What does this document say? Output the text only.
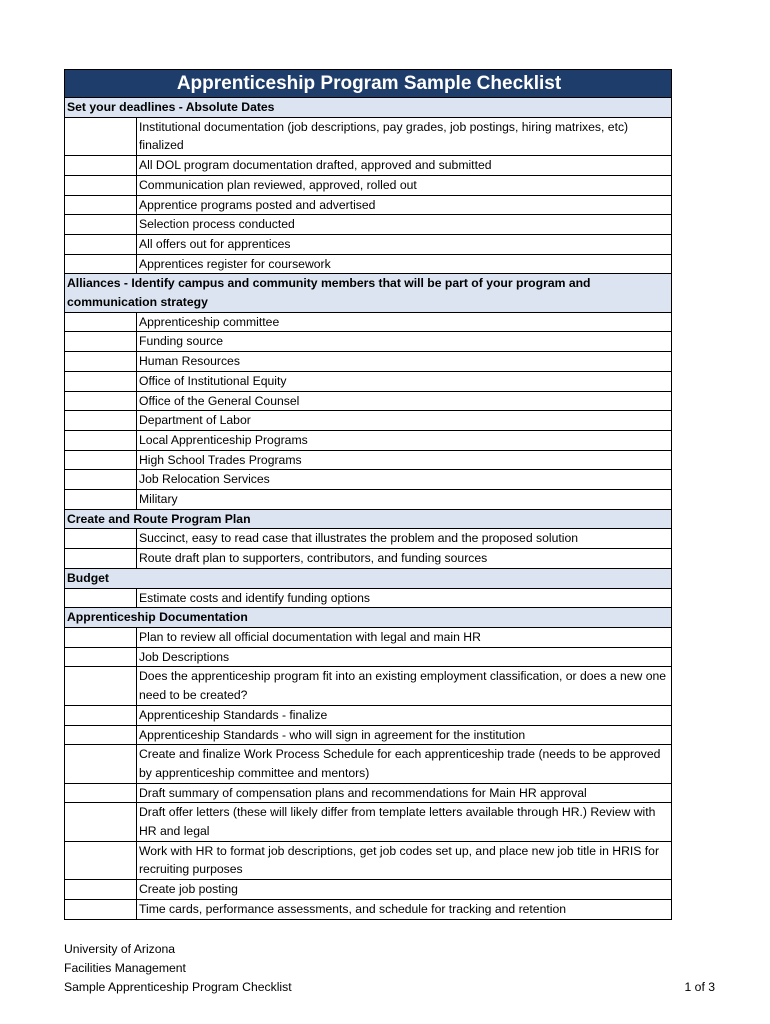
Apprenticeship Program Sample Checklist	
Set your deadlines - Absolute Dates	
	Institutional documentation (job descriptions, pay grades, job postings, hiring matrixes, etc) finalized
	All DOL program documentation drafted, approved and submitted
	Communication plan reviewed, approved, rolled out
	Apprentice programs posted and advertised
	Selection process conducted
	All offers out for apprentices
	Apprentices register for coursework
Alliances - Identify campus and community members that will be part of your program and communication strategy	
	Apprenticeship committee
	Funding source
	Human Resources
	Office of Institutional Equity
	Office of the General Counsel
	Department of Labor
	Local Apprenticeship Programs
	High School Trades Programs
	Job Relocation Services
	Military
Create and Route Program Plan	
	Succinct, easy to read case that illustrates the problem and the proposed solution
	Route draft plan to supporters, contributors, and funding sources
Budget	
	Estimate costs and identify funding options
Apprenticeship Documentation	
	Plan to review all official documentation with legal and main HR
	Job Descriptions
	Does the apprenticeship program fit into an existing employment classification, or does a new one need to be created?
	Apprenticeship Standards - finalize
	Apprenticeship Standards - who will sign in agreement for the institution
	Create and finalize Work Process Schedule for each apprenticeship trade (needs to be approved by apprenticeship committee and mentors)
	Draft summary of compensation plans and recommendations for Main HR approval
	Draft offer letters (these will likely differ from template letters available through HR.) Review with HR and legal
	Work with HR to format job descriptions, get job codes set up, and place new job title in HRIS for recruiting purposes
	Create job posting
	Time cards, performance assessments, and schedule for tracking and retention
University of Arizona
Facilities Management
Sample Apprenticeship Program Checklist	1 of 3
